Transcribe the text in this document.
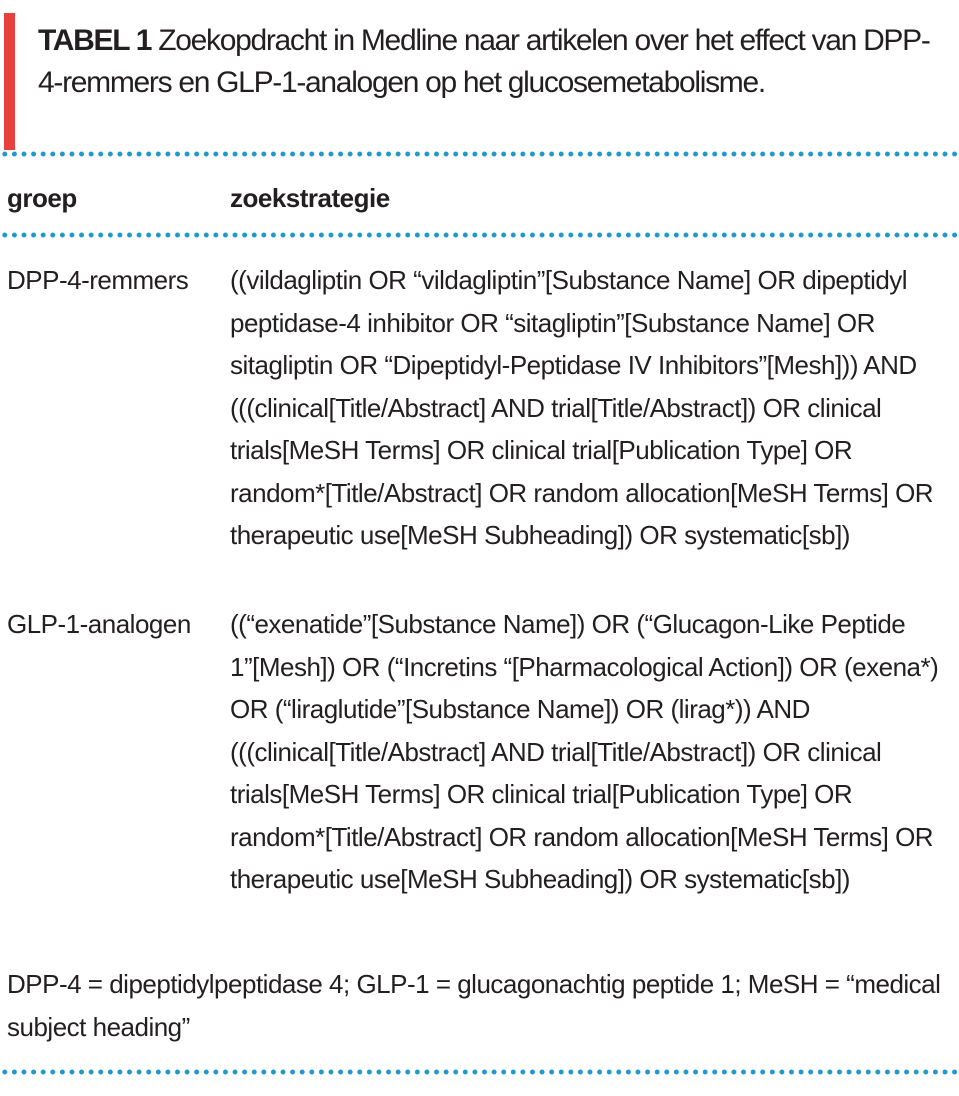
TABEL 1 Zoekopdracht in Medline naar artikelen over het effect van DPP-4-remmers en GLP-1-analogen op het glucosemetabolisme.

groep	zoekstrategie
DPP-4-remmers	((vildagliptin OR “vildagliptin”[Substance Name] OR dipeptidyl peptidase-4 inhibitor OR “sitagliptin”[Substance Name] OR sitagliptin OR “Dipeptidyl-Peptidase IV Inhibitors”[Mesh])) AND (((clinical[Title/Abstract] AND trial[Title/Abstract]) OR clinical trials[MeSH Terms] OR clinical trial[Publication Type] OR random*[Title/Abstract] OR random allocation[MeSH Terms] OR therapeutic use[MeSH Subheading]) OR systematic[sb])
GLP-1-analogen	((“exenatide”[Substance Name]) OR (“Glucagon-Like Peptide 1”[Mesh]) OR (“Incretins “[Pharmacological Action]) OR (exena*) OR (“liraglutide”[Substance Name]) OR (lirag*)) AND (((clinical[Title/Abstract] AND trial[Title/Abstract]) OR clinical trials[MeSH Terms] OR clinical trial[Publication Type] OR random*[Title/Abstract] OR random allocation[MeSH Terms] OR therapeutic use[MeSH Subheading]) OR systematic[sb])

DPP-4 = dipeptidylpeptidase 4; GLP-1 = glucagonachtig peptide 1; MeSH = “medical subject heading”
